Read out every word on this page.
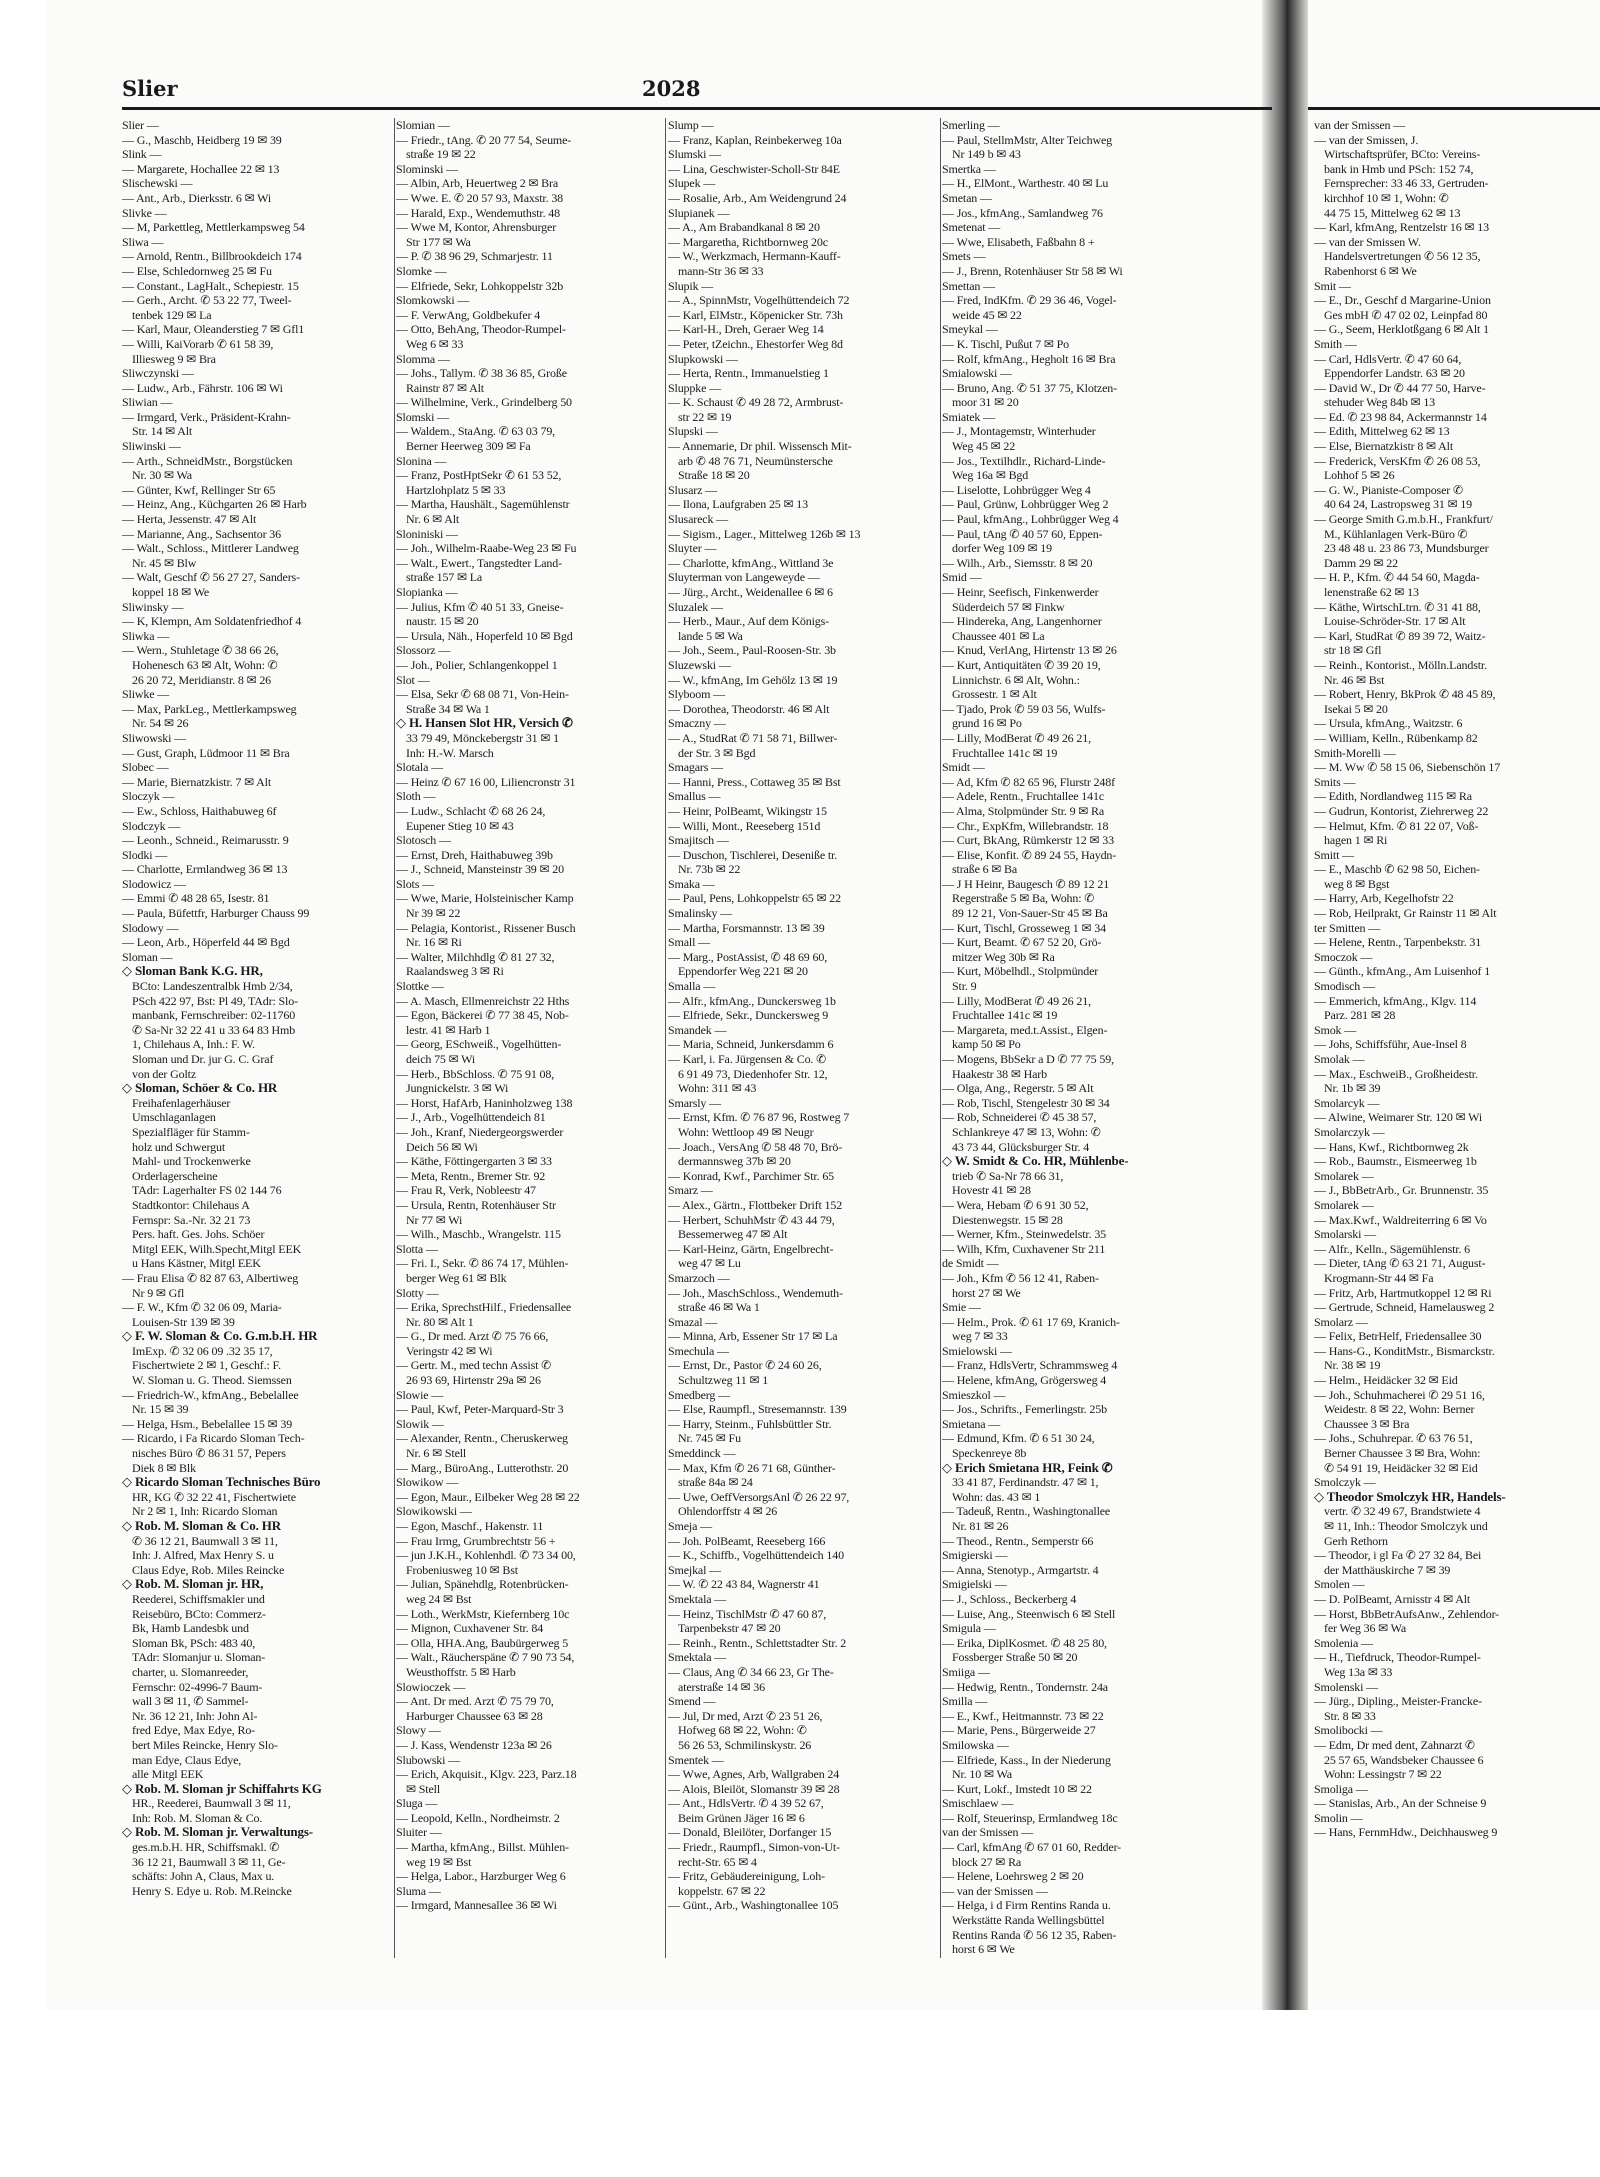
Slier	2028
Slier —
— G., Maschb, Heidberg 19 ✉ 39
Slink —
— Margarete, Hochallee 22 ✉ 13
Slischewski —
— Ant., Arb., Dierksstr. 6 ✉ Wi
Slivke —
— M, Parkettleg, Mettlerkampsweg 54
Sliwa —
— Arnold, Rentn., Billbrookdeich 174
— Else, Schledornweg 25 ✉ Fu
— Constant., LagHalt., Schepiestr. 15
— Gerh., Archt. ✆ 53 22 77, Tweel-
tenbek 129 ✉ La
— Karl, Maur, Oleanderstieg 7 ✉ Gfl1
— Willi, KaiVorarb ✆ 61 58 39,
Illiesweg 9 ✉ Bra
Sliwczynski —
— Ludw., Arb., Fährstr. 106 ✉ Wi
Sliwian —
— Irmgard, Verk., Präsident-Krahn-
Str. 14 ✉ Alt
Sliwinski —
— Arth., SchneidMstr., Borgstücken
Nr. 30 ✉ Wa
— Günter, Kwf, Rellinger Str 65
— Heinz, Ang., Küchgarten 26 ✉ Harb
— Herta, Jessenstr. 47 ✉ Alt
— Marianne, Ang., Sachsentor 36
— Walt., Schloss., Mittlerer Landweg
Nr. 45 ✉ Blw
— Walt, Geschf ✆ 56 27 27, Sanders-
koppel 18 ✉ We
Sliwinsky —
— K, Klempn, Am Soldatenfriedhof 4
Sliwka —
— Wern., Stuhletage ✆ 38 66 26,
Hohenesch 63 ✉ Alt, Wohn: ✆
26 20 72, Meridianstr. 8 ✉ 26
Sliwke —
— Max, ParkLeg., Mettlerkampsweg
Nr. 54 ✉ 26
Sliwowski —
— Gust, Graph, Lüdmoor 11 ✉ Bra
Slobec —
— Marie, Biernatzkistr. 7 ✉ Alt
Sloczyk —
— Ew., Schloss, Haithabuweg 6f
Slodczyk —
— Leonh., Schneid., Reimarusstr. 9
Slodki —
— Charlotte, Ermlandweg 36 ✉ 13
Slodowicz —
— Emmi ✆ 48 28 65, Isestr. 81
— Paula, Büfettfr, Harburger Chauss 99
Slodowy —
— Leon, Arb., Höperfeld 44 ✉ Bgd
Sloman —
◇ Sloman Bank K.G. HR,
BCto: Landeszentralbk Hmb 2/34,
PSch 422 97, Bst: Pl 49, TAdr: Slo-
manbank, Fernschreiber: 02-11760
✆ Sa-Nr 32 22 41 u 33 64 83 Hmb
1, Chilehaus A, Inh.: F. W.
Sloman und Dr. jur G. C. Graf
von der Goltz
◇ Sloman, Schöer & Co. HR
Freihafenlagerhäuser
Umschlaganlagen
Spezialfläger für Stamm-
holz und Schwergut
Mahl- und Trockenwerke
Orderlagerscheine
TAdr: Lagerhalter FS 02 144 76
Stadtkontor: Chilehaus A
Fernspr: Sa.-Nr. 32 21 73
Pers. haft. Ges. Johs. Schöer
Mitgl EEK, Wilh.Specht,Mitgl EEK
u Hans Kästner, Mitgl EEK
— Frau Elisa ✆ 82 87 63, Albertiweg
Nr 9 ✉ Gfl
— F. W., Kfm ✆ 32 06 09, Maria-
Louisen-Str 139 ✉ 39
◇ F. W. Sloman & Co. G.m.b.H. HR
ImExp. ✆ 32 06 09 .32 35 17,
Fischertwiete 2 ✉ 1, Geschf.: F.
W. Sloman u. G. Theod. Siemssen
— Friedrich-W., kfmAng., Bebelallee
Nr. 15 ✉ 39
— Helga, Hsm., Bebelallee 15 ✉ 39
— Ricardo, i Fa Ricardo Sloman Tech-
nisches Büro ✆ 86 31 57, Pepers
Diek 8 ✉ Blk
◇ Ricardo Sloman Technisches Büro
HR, KG ✆ 32 22 41, Fischertwiete
Nr 2 ✉ 1, Inh: Ricardo Sloman
◇ Rob. M. Sloman & Co. HR
✆ 36 12 21, Baumwall 3 ✉ 11,
Inh: J. Alfred, Max Henry S. u
Claus Edye, Rob. Miles Reincke
◇ Rob. M. Sloman jr. HR,
Reederei, Schiffsmakler und
Reisebüro, BCto: Commerz-
Bk, Hamb Landesbk und
Sloman Bk, PSch: 483 40,
TAdr: Slomanjur u. Sloman-
charter, u. Slomanreeder,
Fernschr: 02-4996-7 Baum-
wall 3 ✉ 11, ✆ Sammel-
Nr. 36 12 21, Inh: John Al-
fred Edye, Max Edye, Ro-
bert Miles Reincke, Henry Slo-
man Edye, Claus Edye,
alle Mitgl EEK
◇ Rob. M. Sloman jr Schiffahrts KG
HR., Reederei, Baumwall 3 ✉ 11,
Inh: Rob. M. Sloman & Co.
◇ Rob. M. Sloman jr. Verwaltungs-
ges.m.b.H. HR, Schiffsmakl. ✆
36 12 21, Baumwall 3 ✉ 11, Ge-
schäfts: John A, Claus, Max u.
Henry S. Edye u. Rob. M.Reincke
Slomian —
— Friedr., tAng. ✆ 20 77 54, Seume-
straße 19 ✉ 22
Slominski —
— Albin, Arb, Heuertweg 2 ✉ Bra
— Wwe. E. ✆ 20 57 93, Maxstr. 38
— Harald, Exp., Wendemuthstr. 48
— Wwe M, Kontor, Ahrensburger
Str 177 ✉ Wa
— P. ✆ 38 96 29, Schmarjestr. 11
Slomke —
— Elfriede, Sekr, Lohkoppelstr 32b
Slomkowski —
— F. VerwAng, Goldbekufer 4
— Otto, BehAng, Theodor-Rumpel-
Weg 6 ✉ 33
Slomma —
— Johs., Tallym. ✆ 38 36 85, Große
Rainstr 87 ✉ Alt
— Wilhelmine, Verk., Grindelberg 50
Slomski —
— Waldem., StaAng. ✆ 63 03 79,
Berner Heerweg 309 ✉ Fa
Slonina —
— Franz, PostHptSekr ✆ 61 53 52,
Hartzlohplatz 5 ✉ 33
— Martha, Haushält., Sagemühlenstr
Nr. 6 ✉ Alt
Sloniniski —
— Joh., Wilhelm-Raabe-Weg 23 ✉ Fu
— Walt., Ewert., Tangstedter Land-
straße 157 ✉ La
Slopianka —
— Julius, Kfm ✆ 40 51 33, Gneise-
naustr. 15 ✉ 20
— Ursula, Näh., Hoperfeld 10 ✉ Bgd
Slossorz —
— Joh., Polier, Schlangenkoppel 1
Slot —
— Elsa, Sekr ✆ 68 08 71, Von-Hein-
Straße 34 ✉ Wa 1
◇ H. Hansen Slot HR, Versich ✆
33 79 49, Mönckebergstr 31 ✉ 1
Inh: H.-W. Marsch
Slotala —
— Heinz ✆ 67 16 00, Liliencronstr 31
Sloth —
— Ludw., Schlacht ✆ 68 26 24,
Eupener Stieg 10 ✉ 43
Slotosch —
— Ernst, Dreh, Haithabuweg 39b
— J., Schneid, Mansteinstr 39 ✉ 20
Slots —
— Wwe, Marie, Holsteinischer Kamp
Nr 39 ✉ 22
— Pelagia, Kontorist., Rissener Busch
Nr. 16 ✉ Ri
— Walter, Milchhdlg ✆ 81 27 32,
Raalandsweg 3 ✉ Ri
Slottke —
— A. Masch, Ellmenreichstr 22 Hths
— Egon, Bäckerei ✆ 77 38 45, Nob-
lestr. 41 ✉ Harb 1
— Georg, ESchweiß., Vogelhütten-
deich 75 ✉ Wi
— Herb., BbSchloss. ✆ 75 91 08,
Jungnickelstr. 3 ✉ Wi
— Horst, HafArb, Haninholzweg 138
— J., Arb., Vogelhüttendeich 81
— Joh., Kranf, Niedergeorgswerder
Deich 56 ✉ Wi
— Käthe, Föttingergarten 3 ✉ 33
— Meta, Rentn., Bremer Str. 92
— Frau R, Verk, Nobleestr 47
— Ursula, Rentn, Rotenhäuser Str
Nr 77 ✉ Wi
— Wilh., Maschb., Wrangelstr. 115
Slotta —
— Fri. I., Sekr. ✆ 86 74 17, Mühlen-
berger Weg 61 ✉ Blk
Slotty —
— Erika, SprechstHilf., Friedensallee
Nr. 80 ✉ Alt 1
— G., Dr med. Arzt ✆ 75 76 66,
Veringstr 42 ✉ Wi
— Gertr. M., med techn Assist ✆
26 93 69, Hirtenstr 29a ✉ 26
Slowie —
— Paul, Kwf, Peter-Marquard-Str 3
Slowik —
— Alexander, Rentn., Cheruskerweg
Nr. 6 ✉ Stell
— Marg., BüroAng., Lutterothstr. 20
Slowikow —
— Egon, Maur., Eilbeker Weg 28 ✉ 22
Slowikowski —
— Egon, Maschf., Hakenstr. 11
— Frau Irmg, Grumbrechtstr 56 +
— jun J.K.H., Kohlenhdl. ✆ 73 34 00,
Frobeniusweg 10 ✉ Bst
— Julian, Spänehdlg, Rotenbrücken-
weg 24 ✉ Bst
— Loth., WerkMstr, Kiefernberg 10c
— Mignon, Cuxhavener Str. 84
— Olla, HHA.Ang, Baubürgerweg 5
— Walt., Räucherspäne ✆ 7 90 73 54,
Weusthoffstr. 5 ✉ Harb
Slowioczek —
— Ant. Dr med. Arzt ✆ 75 79 70,
Harburger Chaussee 63 ✉ 28
Slowy —
— J. Kass, Wendenstr 123a ✉ 26
Slubowski —
— Erich, Akquisit., Klgv. 223, Parz.18
✉ Stell
Sluga —
— Leopold, Kelln., Nordheimstr. 2
Sluiter —
— Martha, kfmAng., Billst. Mühlen-
weg 19 ✉ Bst
— Helga, Labor., Harzburger Weg 6
Sluma —
— Irmgard, Mannesallee 36 ✉ Wi
Slump —
— Franz, Kaplan, Reinbekerweg 10a
Slumski —
— Lina, Geschwister-Scholl-Str 84E
Slupek —
— Rosalie, Arb., Am Weidengrund 24
Slupianek —
— A., Am Brabandkanal 8 ✉ 20
— Margaretha, Richtbornweg 20c
— W., Werkzmach, Hermann-Kauff-
mann-Str 36 ✉ 33
Slupik —
— A., SpinnMstr, Vogelhüttendeich 72
— Karl, ElMstr., Köpenicker Str. 73h
— Karl-H., Dreh, Geraer Weg 14
— Peter, tZeichn., Ehestorfer Weg 8d
Slupkowski —
— Herta, Rentn., Immanuelstieg 1
Sluppke —
— K. Schaust ✆ 49 28 72, Armbrust-
str 22 ✉ 19
Slupski —
— Annemarie, Dr phil. Wissensch Mit-
arb ✆ 48 76 71, Neumünstersche
Straße 18 ✉ 20
Slusarz —
— Ilona, Laufgraben 25 ✉ 13
Slusareck —
— Sigism., Lager., Mittelweg 126b ✉ 13
Sluyter —
— Charlotte, kfmAng., Wittland 3e
Sluyterman von Langeweyde —
— Jürg., Archt., Weidenallee 6 ✉ 6
Sluzalek —
— Herb., Maur., Auf dem Königs-
lande 5 ✉ Wa
— Joh., Seem., Paul-Roosen-Str. 3b
Sluzewski —
— W., kfmAng, Im Gehölz 13 ✉ 19
Slyboom —
— Dorothea, Theodorstr. 46 ✉ Alt
Smaczny —
— A., StudRat ✆ 71 58 71, Billwer-
der Str. 3 ✉ Bgd
Smagars —
— Hanni, Press., Cottaweg 35 ✉ Bst
Smallus —
— Heinr, PolBeamt, Wikingstr 15
— Willi, Mont., Reeseberg 151d
Smajitsch —
— Duschon, Tischlerei, Deseniße tr.
Nr. 73b ✉ 22
Smaka —
— Paul, Pens, Lohkoppelstr 65 ✉ 22
Smalinsky —
— Martha, Forsmannstr. 13 ✉ 39
Small —
— Marg., PostAssist, ✆ 48 69 60,
Eppendorfer Weg 221 ✉ 20
Smalla —
— Alfr., kfmAng., Dunckersweg 1b
— Elfriede, Sekr., Dunckersweg 9
Smandek —
— Maria, Schneid, Junkersdamm 6
— Karl, i. Fa. Jürgensen & Co. ✆
6 91 49 73, Diedenhofer Str. 12,
Wohn: 311 ✉ 43
Smarsly —
— Ernst, Kfm. ✆ 76 87 96, Rostweg 7
Wohn: Wettloop 49 ✉ Neugr
— Joach., VersAng ✆ 58 48 70, Brö-
dermannsweg 37b ✉ 20
— Konrad, Kwf., Parchimer Str. 65
Smarz —
— Alex., Gärtn., Flottbeker Drift 152
— Herbert, SchuhMstr ✆ 43 44 79,
Bessemerweg 47 ✉ Alt
— Karl-Heinz, Gärtn, Engelbrecht-
weg 47 ✉ Lu
Smarzoch —
— Joh., MaschSchloss., Wendemuth-
straße 46 ✉ Wa 1
Smazal —
— Minna, Arb, Essener Str 17 ✉ La
Smechula —
— Ernst, Dr., Pastor ✆ 24 60 26,
Schultzweg 11 ✉ 1
Smedberg —
— Else, Raumpfl., Stresemannstr. 139
— Harry, Steinm., Fuhlsbüttler Str.
Nr. 745 ✉ Fu
Smeddinck —
— Max, Kfm ✆ 26 71 68, Günther-
straße 84a ✉ 24
— Uwe, OeffVersorgsAnl ✆ 26 22 97,
Ohlendorffstr 4 ✉ 26
Smeja —
— Joh. PolBeamt, Reeseberg 166
— K., Schiffb., Vogelhüttendeich 140
Smejkal —
— W. ✆ 22 43 84, Wagnerstr 41
Smektala —
— Heinz, TischlMstr ✆ 47 60 87,
Tarpenbekstr 47 ✉ 20
— Reinh., Rentn., Schlettstadter Str. 2
Smektala —
— Claus, Ang ✆ 34 66 23, Gr The-
aterstraße 14 ✉ 36
Smend —
— Jul, Dr med, Arzt ✆ 23 51 26,
Hofweg 68 ✉ 22, Wohn: ✆
56 26 53, Schmilinskystr. 26
Smentek —
— Wwe, Agnes, Arb, Wallgraben 24
— Alois, Bleilöt, Slomanstr 39 ✉ 28
— Ant., HdlsVertr. ✆ 4 39 52 67,
Beim Grünen Jäger 16 ✉ 6
— Donald, Bleilöter, Dorfanger 15
— Friedr., Raumpfl., Simon-von-Ut-
recht-Str. 65 ✉ 4
— Fritz, Gebäudereinigung, Loh-
koppelstr. 67 ✉ 22
— Günt., Arb., Washingtonallee 105
Smerling —
— Paul, StellmMstr, Alter Teichweg
Nr 149 b ✉ 43
Smertka —
— H., ElMont., Warthestr. 40 ✉ Lu
Smetan —
— Jos., kfmAng., Samlandweg 76
Smetenat —
— Wwe, Elisabeth, Faßbahn 8 +
Smets —
— J., Brenn, Rotenhäuser Str 58 ✉ Wi
Smettan —
— Fred, IndKfm. ✆ 29 36 46, Vogel-
weide 45 ✉ 22
Smeykal —
— K. Tischl, Pußut 7 ✉ Po
— Rolf, kfmAng., Hegholt 16 ✉ Bra
Smialowski —
— Bruno, Ang. ✆ 51 37 75, Klotzen-
moor 31 ✉ 20
Smiatek —
— J., Montagemstr, Winterhuder
Weg 45 ✉ 22
— Jos., Textilhdlr., Richard-Linde-
Weg 16a ✉ Bgd
— Liselotte, Lohbrügger Weg 4
— Paul, Grünw, Lohbrügger Weg 2
— Paul, kfmAng., Lohbrügger Weg 4
— Paul, tAng ✆ 40 57 60, Eppen-
dorfer Weg 109 ✉ 19
— Wilh., Arb., Siemsstr. 8 ✉ 20
Smid —
— Heinr, Seefisch, Finkenwerder
Süderdeich 57 ✉ Finkw
— Hindereka, Ang, Langenhorner
Chaussee 401 ✉ La
— Knud, VerlAng, Hirtenstr 13 ✉ 26
— Kurt, Antiquitäten ✆ 39 20 19,
Linnichstr. 6 ✉ Alt, Wohn.:
Grossestr. 1 ✉ Alt
— Tjado, Prok ✆ 59 03 56, Wulfs-
grund 16 ✉ Po
— Lilly, ModBerat ✆ 49 26 21,
Fruchtallee 141c ✉ 19
Smidt —
— Ad, Kfm ✆ 82 65 96, Flurstr 248f
— Adele, Rentn., Fruchtallee 141c
— Alma, Stolpmünder Str. 9 ✉ Ra
— Chr., ExpKfm, Willebrandstr. 18
— Curt, BkAng, Rümkerstr 12 ✉ 33
— Elise, Konfit. ✆ 89 24 55, Haydn-
straße 6 ✉ Ba
— J H Heinr, Baugesch ✆ 89 12 21
Regerstraße 5 ✉ Ba, Wohn: ✆
89 12 21, Von-Sauer-Str 45 ✉ Ba
— Kurt, Tischl, Grosseweg 1 ✉ 34
— Kurt, Beamt. ✆ 67 52 20, Grö-
mitzer Weg 30b ✉ Ra
— Kurt, Möbelhdl., Stolpmünder
Str. 9
— Lilly, ModBerat ✆ 49 26 21,
Fruchtallee 141c ✉ 19
— Margareta, med.t.Assist., Elgen-
kamp 50 ✉ Po
— Mogens, BbSekr a D ✆ 77 75 59,
Haakestr 38 ✉ Harb
— Olga, Ang., Regerstr. 5 ✉ Alt
— Rob, Tischl, Stengelestr 30 ✉ 34
— Rob, Schneiderei ✆ 45 38 57,
Schlankreye 47 ✉ 13, Wohn: ✆
43 73 44, Glücksburger Str. 4
◇ W. Smidt & Co. HR, Mühlenbe-
trieb ✆ Sa-Nr 78 66 31,
Hovestr 41 ✉ 28
— Wera, Hebam ✆ 6 91 30 52,
Diestenwegstr. 15 ✉ 28
— Werner, Kfm., Steinwedelstr. 35
— Wilh, Kfm, Cuxhavener Str 211
de Smidt —
— Joh., Kfm ✆ 56 12 41, Raben-
horst 27 ✉ We
Smie —
— Helm., Prok. ✆ 61 17 69, Kranich-
weg 7 ✉ 33
Smielowski —
— Franz, HdlsVertr, Schrammsweg 4
— Helene, kfmAng, Grögersweg 4
Smieszkol —
— Jos., Schrifts., Femerlingstr. 25b
Smietana —
— Edmund, Kfm. ✆ 6 51 30 24,
Speckenreye 8b
◇ Erich Smietana HR, Feink ✆
33 41 87, Ferdinandstr. 47 ✉ 1,
Wohn: das. 43 ✉ 1
— Tadeuß, Rentn., Washingtonallee
Nr. 81 ✉ 26
— Theod., Rentn., Semperstr 66
Smigierski —
— Anna, Stenotyp., Armgartstr. 4
Smigielski —
— J., Schloss., Beckerberg 4
— Luise, Ang., Steenwisch 6 ✉ Stell
Smigula —
— Erika, DiplKosmet. ✆ 48 25 80,
Fossberger Straße 50 ✉ 20
Smiiga —
— Hedwig, Rentn., Tondernstr. 24a
Smilla —
— E., Kwf., Heitmannstr. 73 ✉ 22
— Marie, Pens., Bürgerweide 27
Smilowska —
— Elfriede, Kass., In der Niederung
Nr. 10 ✉ Wa
— Kurt, Lokf., Imstedt 10 ✉ 22
Smischlaew —
— Rolf, Steuerinsp, Ermlandweg 18c
van der Smissen —
— Carl, kfmAng ✆ 67 01 60, Redder-
block 27 ✉ Ra
— Helene, Loehrsweg 2 ✉ 20
— van der Smissen —
— Helga, i d Firm Rentins Randa u.
Werkstätte Randa Wellingsbüttel
Rentins Randa ✆ 56 12 35, Raben-
horst 6 ✉ We
van der Smissen —
— van der Smissen, J.
Wirtschaftsprüfer, BCto: Vereins-
bank in Hmb und PSch: 152 74,
Fernsprecher: 33 46 33, Gertruden-
kirchhof 10 ✉ 1, Wohn: ✆
44 75 15, Mittelweg 62 ✉ 13
— Karl, kfmAng, Rentzelstr 16 ✉ 13
— van der Smissen W.
Handelsvertretungen ✆ 56 12 35,
Rabenhorst 6 ✉ We
Smit —
— E., Dr., Geschf d Margarine-Union
Ges mbH ✆ 47 02 02, Leinpfad 80
— G., Seem, Herklotßgang 6 ✉ Alt 1
Smith —
— Carl, HdlsVertr. ✆ 47 60 64,
Eppendorfer Landstr. 63 ✉ 20
— David W., Dr ✆ 44 77 50, Harve-
stehuder Weg 84b ✉ 13
— Ed. ✆ 23 98 84, Ackermannstr 14
— Edith, Mittelweg 62 ✉ 13
— Else, Biernatzkistr 8 ✉ Alt
— Frederick, VersKfm ✆ 26 08 53,
Lohhof 5 ✉ 26
— G. W., Pianiste-Composer ✆
40 64 24, Lastropsweg 31 ✉ 19
— George Smith G.m.b.H., Frankfurt/
M., Kühlanlagen Verk-Büro ✆
23 48 48 u. 23 86 73, Mundsburger
Damm 29 ✉ 22
— H. P., Kfm. ✆ 44 54 60, Magda-
lenenstraße 62 ✉ 13
— Käthe, WirtschLtrn. ✆ 31 41 88,
Louise-Schröder-Str. 17 ✉ Alt
— Karl, StudRat ✆ 89 39 72, Waitz-
str 18 ✉ Gfl
— Reinh., Kontorist., Mölln.Landstr.
Nr. 46 ✉ Bst
— Robert, Henry, BkProk ✆ 48 45 89,
Isekai 5 ✉ 20
— Ursula, kfmAng., Waitzstr. 6
— William, Kelln., Rübenkamp 82
Smith-Morelli —
— M. Ww ✆ 58 15 06, Siebenschön 17
Smits —
— Edith, Nordlandweg 115 ✉ Ra
— Gudrun, Kontorist, Ziehrerweg 22
— Helmut, Kfm. ✆ 81 22 07, Voß-
hagen 1 ✉ Ri
Smitt —
— E., Maschb ✆ 62 98 50, Eichen-
weg 8 ✉ Bgst
— Harry, Arb, Kegelhofstr 22
— Rob, Heilprakt, Gr Rainstr 11 ✉ Alt
ter Smitten —
— Helene, Rentn., Tarpenbekstr. 31
Smoczok —
— Günth., kfmAng., Am Luisenhof 1
Smodisch —
— Emmerich, kfmAng., Klgv. 114
Parz. 281 ✉ 28
Smok —
— Johs, Schiffsführ, Aue-Insel 8
Smolak —
— Max., EschweiB., Großheidestr.
Nr. 1b ✉ 39
Smolarcyk —
— Alwine, Weimarer Str. 120 ✉ Wi
Smolarczyk —
— Hans, Kwf., Richtbornweg 2k
— Rob., Baumstr., Eismeerweg 1b
Smolarek —
— J., BbBetrArb., Gr. Brunnenstr. 35
Smolarek —
— Max.Kwf., Waldreiterring 6 ✉ Vo
Smolarski —
— Alfr., Kelln., Sägemühlenstr. 6
— Dieter, tAng ✆ 63 21 71, August-
Krogmann-Str 44 ✉ Fa
— Fritz, Arb, Hartmutkoppel 12 ✉ Ri
— Gertrude, Schneid, Hamelausweg 2
Smolarz —
— Felix, BetrHelf, Friedensallee 30
— Hans-G., KonditMstr., Bismarckstr.
Nr. 38 ✉ 19
— Helm., Heidäcker 32 ✉ Eid
— Joh., Schuhmacherei ✆ 29 51 16,
Weidestr. 8 ✉ 22, Wohn: Berner
Chaussee 3 ✉ Bra
— Johs., Schuhrepar. ✆ 63 76 51,
Berner Chaussee 3 ✉ Bra, Wohn:
✆ 54 91 19, Heidäcker 32 ✉ Eid
Smolczyk —
◇ Theodor Smolczyk HR, Handels-
vertr. ✆ 32 49 67, Brandstwiete 4
✉ 11, Inh.: Theodor Smolczyk und
Gerh Rethorn
— Theodor, i gl Fa ✆ 27 32 84, Bei
der Matthäuskirche 7 ✉ 39
Smolen —
— D. PolBeamt, Arnisstr 4 ✉ Alt
— Horst, BbBetrAufsAnw., Zehlendor-
fer Weg 36 ✉ Wa
Smolenia —
— H., Tiefdruck, Theodor-Rumpel-
Weg 13a ✉ 33
Smolenski —
— Jürg., Dipling., Meister-Francke-
Str. 8 ✉ 33
Smolibocki —
— Edm, Dr med dent, Zahnarzt ✆
25 57 65, Wandsbeker Chaussee 6
Wohn: Lessingstr 7 ✉ 22
Smoliga —
— Stanislas, Arb., An der Schneise 9
Smolin —
— Hans, FernmHdw., Deichhausweg 9
